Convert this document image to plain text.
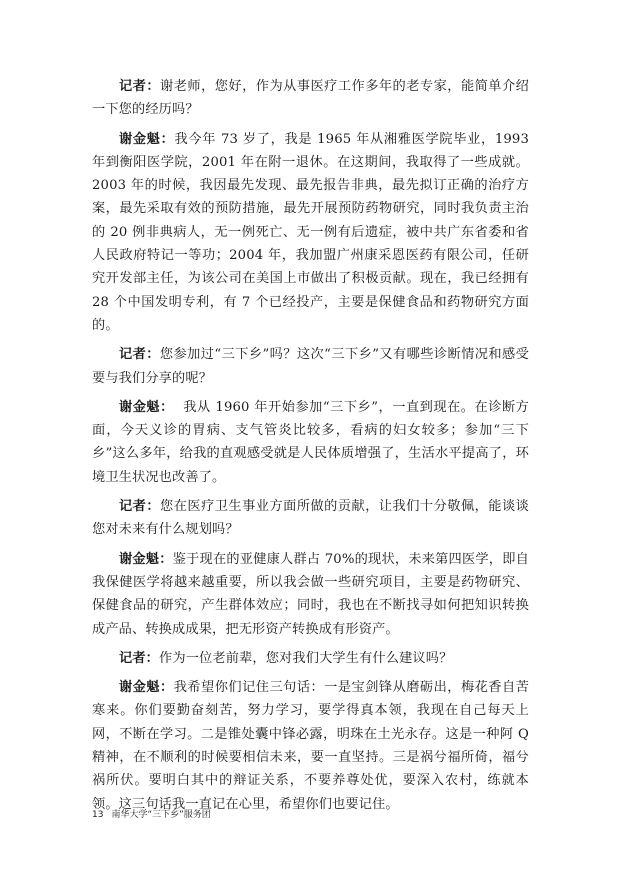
记者：谢老师，您好，作为从事医疗工作多年的老专家，能简单介绍一下您的经历吗？

谢金魁：我今年 73 岁了，我是 1965 年从湘雅医学院毕业，1993 年到衡阳医学院，2001 年在附一退休。在这期间，我取得了一些成就。2003 年的时候，我因最先发现、最先报告非典，最先拟订正确的治疗方案，最先采取有效的预防措施，最先开展预防药物研究，同时我负责主治的 20 例非典病人，无一例死亡、无一例有后遗症，被中共广东省委和省人民政府特记一等功；2004 年，我加盟广州康采恩医药有限公司，任研究开发部主任，为该公司在美国上市做出了积极贡献。现在，我已经拥有 28 个中国发明专利，有 7 个已经投产，主要是保健食品和药物研究方面的。

记者：您参加过“三下乡”吗？这次“三下乡”又有哪些诊断情况和感受要与我们分享的呢？

谢金魁：  我从 1960 年开始参加“三下乡”，一直到现在。在诊断方面，今天义诊的胃病、支气管炎比较多，看病的妇女较多；参加“三下乡”这么多年，给我的直观感受就是人民体质增强了，生活水平提高了，环境卫生状况也改善了。

记者：您在医疗卫生事业方面所做的贡献，让我们十分敬佩，能谈谈您对未来有什么规划吗？

谢金魁：鉴于现在的亚健康人群占 70%的现状，未来第四医学，即自我保健医学将越来越重要，所以我会做一些研究项目，主要是药物研究、保健食品的研究，产生群体效应；同时，我也在不断找寻如何把知识转换成产品、转换成成果，把无形资产转换成有形资产。

记者：作为一位老前辈，您对我们大学生有什么建议吗？

谢金魁：我希望你们记住三句话：一是宝剑锋从磨砺出，梅花香自苦寒来。你们要勤奋刻苦，努力学习，要学得真本领，我现在自己每天上网，不断在学习。二是锥处囊中锋必露，明珠在土光永存。这是一种阿 Q 精神，在不顺利的时候要相信未来，要一直坚持。三是祸兮福所倚，福兮祸所伏。要明白其中的辩证关系，不要养尊处优，要深入农村，练就本领。这三句话我一直记在心里，希望你们也要记住。

13 南华大学“三下乡”服务团
